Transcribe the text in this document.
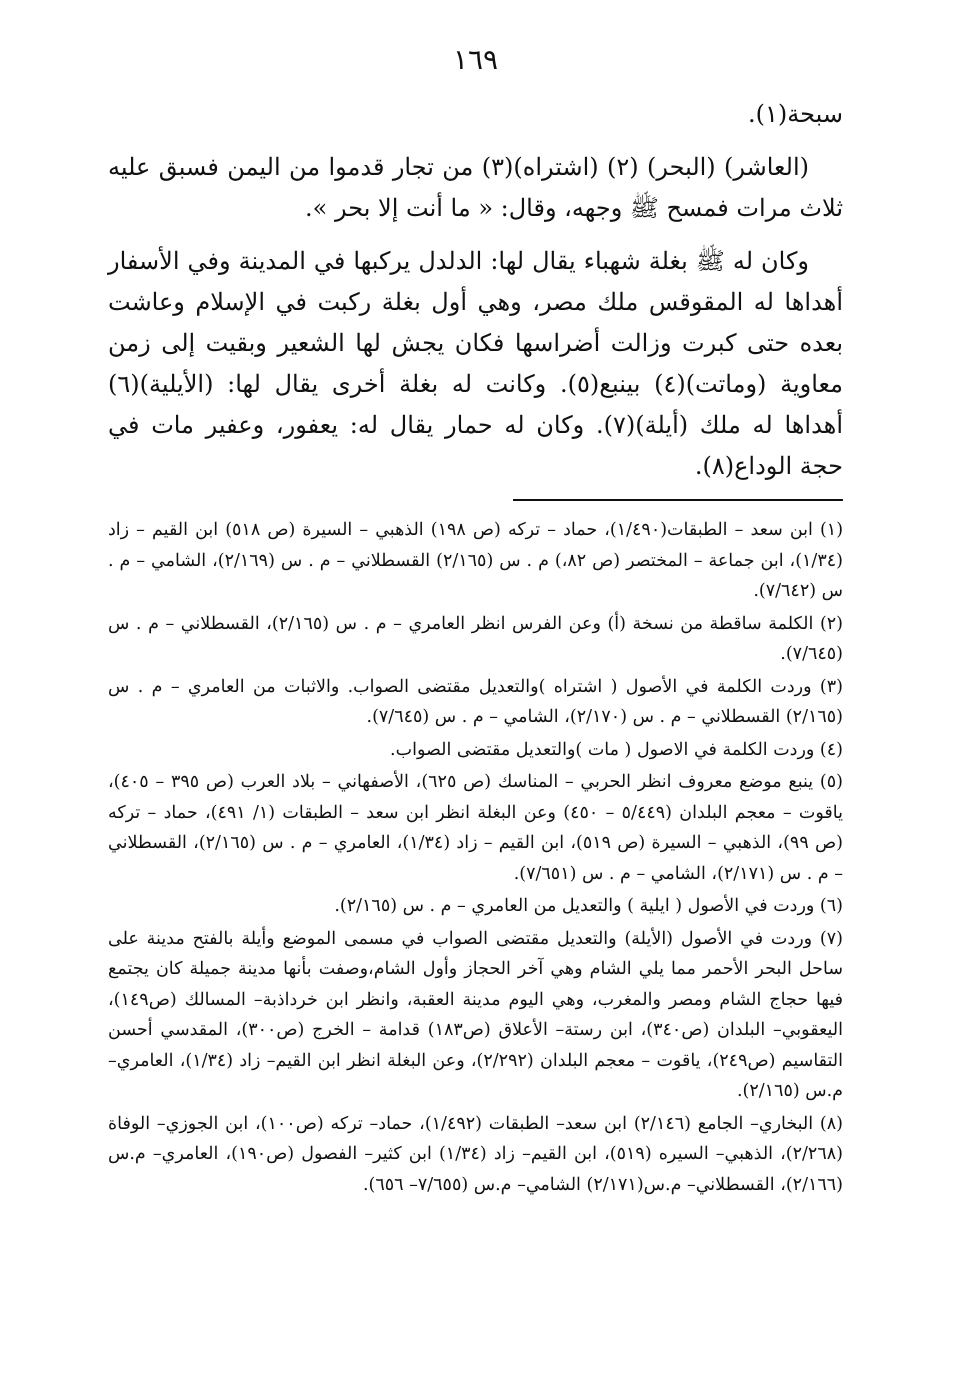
١٦٩

سبحة(١).

(العاشر) (البحر) (٢) (اشتراه)(٣) من تجار قدموا من اليمن فسبق عليه ثلاث مرات فمسح ﷺ وجهه، وقال: « ما أنت إلا بحر ».

وكان له ﷺ بغلة شهباء يقال لها: الدلدل يركبها في المدينة وفي الأسفار أهداها له المقوقس ملك مصر، وهي أول بغلة ركبت في الإسلام وعاشت بعده حتى كبرت وزالت أضراسها فكان يجش لها الشعير وبقيت إلى زمن معاوية (وماتت)(٤) بينبع(٥). وكانت له بغلة أخرى يقال لها: (الأيلية)(٦) أهداها له ملك (أيلة)(٧). وكان له حمار يقال له: يعفور، وعفير مات في حجة الوداع(٨).

(١) ابن سعد – الطبقات(١/٤٩٠)، حماد – تركه (ص ١٩٨) الذهبي – السيرة (ص ٥١٨) ابن القيم – زاد (١/٣٤)، ابن جماعة – المختصر (ص ٨٢،) م . س (٢/١٦٥) القسطلاني – م . س (٢/١٦٩)، الشامي – م . س (٧/٦٤٢).

(٢) الكلمة ساقطة من نسخة (أ) وعن الفرس انظر العامري – م . س (٢/١٦٥)، القسطلاني – م . س (٧/٦٤٥).

(٣) وردت الكلمة في الأصول ( اشتراه )والتعديل مقتضى الصواب. والاثبات من العامري – م . س (٢/١٦٥) القسطلاني – م . س (٢/١٧٠)، الشامي – م . س (٧/٦٤٥).

(٤) وردت الكلمة في الاصول ( مات )والتعديل مقتضى الصواب.

(٥) ينبع موضع معروف انظر الحربي – المناسك (ص ٦٢٥)، الأصفهاني – بلاد العرب (ص ٣٩٥ – ٤٠٥)، ياقوت – معجم البلدان (٥/٤٤٩ – ٤٥٠) وعن البغلة انظر ابن سعد – الطبقات (١/ ٤٩١)، حماد – تركه (ص ٩٩)، الذهبي – السيرة (ص ٥١٩)، ابن القيم – زاد (١/٣٤)، العامري – م . س (٢/١٦٥)، القسطلاني – م . س (٢/١٧١)، الشامي – م . س (٧/٦٥١).

(٦) وردت في الأصول ( ايلية ) والتعديل من العامري – م . س (٢/١٦٥).

(٧) وردت في الأصول (الأيلة) والتعديل مقتضى الصواب في مسمى الموضع وأيلة بالفتح مدينة على ساحل البحر الأحمر مما يلي الشام وهي آخر الحجاز وأول الشام،وصفت بأنها مدينة جميلة كان يجتمع فيها حجاج الشام ومصر والمغرب، وهي اليوم مدينة العقبة، وانظر ابن خرداذبة– المسالك (ص١٤٩)، اليعقوبي– البلدان (ص٣٤٠)، ابن رستة– الأعلاق (ص١٨٣) قدامة – الخرج (ص٣٠٠)، المقدسي أحسن التقاسيم (ص٢٤٩)، ياقوت – معجم البلدان (٢/٢٩٢)، وعن البغلة انظر ابن القيم– زاد (١/٣٤)، العامري– م.س (٢/١٦٥).

(٨) البخاري– الجامع (٢/١٤٦) ابن سعد– الطبقات (١/٤٩٢)، حماد– تركه (ص١٠٠)، ابن الجوزي– الوفاة (٢/٢٦٨)، الذهبي– السيره (٥١٩)، ابن القيم– زاد (١/٣٤) ابن كثير– الفصول (ص١٩٠)، العامري– م.س (٢/١٦٦)، القسطلاني– م.س(٢/١٧١) الشامي– م.س (٧/٦٥٥– ٦٥٦).
